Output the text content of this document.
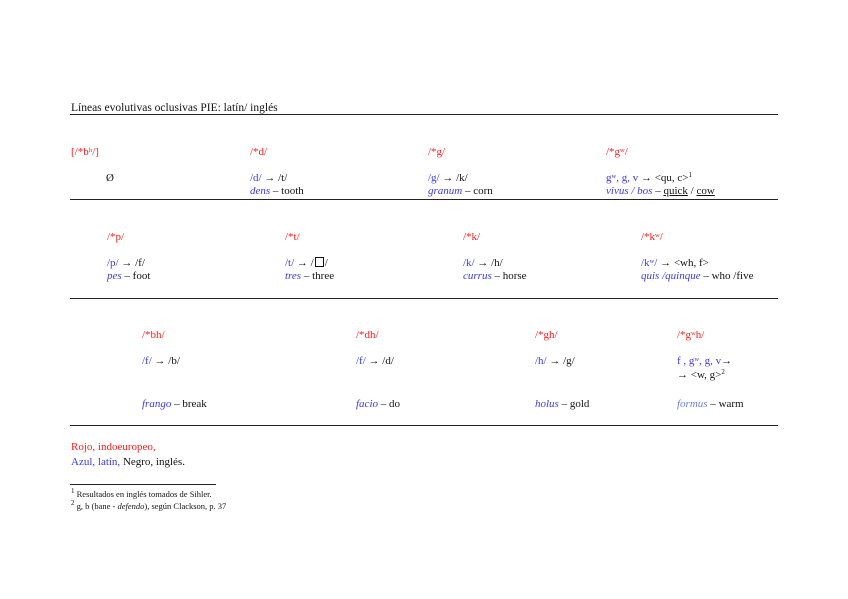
Líneas evolutivas oclusivas PIE: latín/ inglés
[/*bʰ/]
Ø
/*d/
/d/ → /t/
dens – tooth
/*g/
/g/ → /k/
granum – corn
/*gʷ/
gʷ, g, v → <qu, c>$^1$
vivus / bos – quick / cow
/*p/
/p/ → /f/
pes – foot
/*t/
/t/ → / /
tres – three
/*k/
/k/ → /h/
currus – horse
/*kʷ/
/kʷ/ → <wh, f>
quis /quinque – who /five
/*bh/
/f/ → /b/
frango – break
/*dh/
/f/ → /d/
facio – do
/*gh/
/h/ → /g/
holus – gold
/*gʷh/
f , gʷ, g, v→
→ <w, g>$^2$
formus – warm
Rojo, indoeuropeo,
Azul, latín, Negro, inglés.
$^1$ Resultados en inglés tomados de Sihler.
$^2$ g, b (bane - defendo), según Clackson, p. 37
